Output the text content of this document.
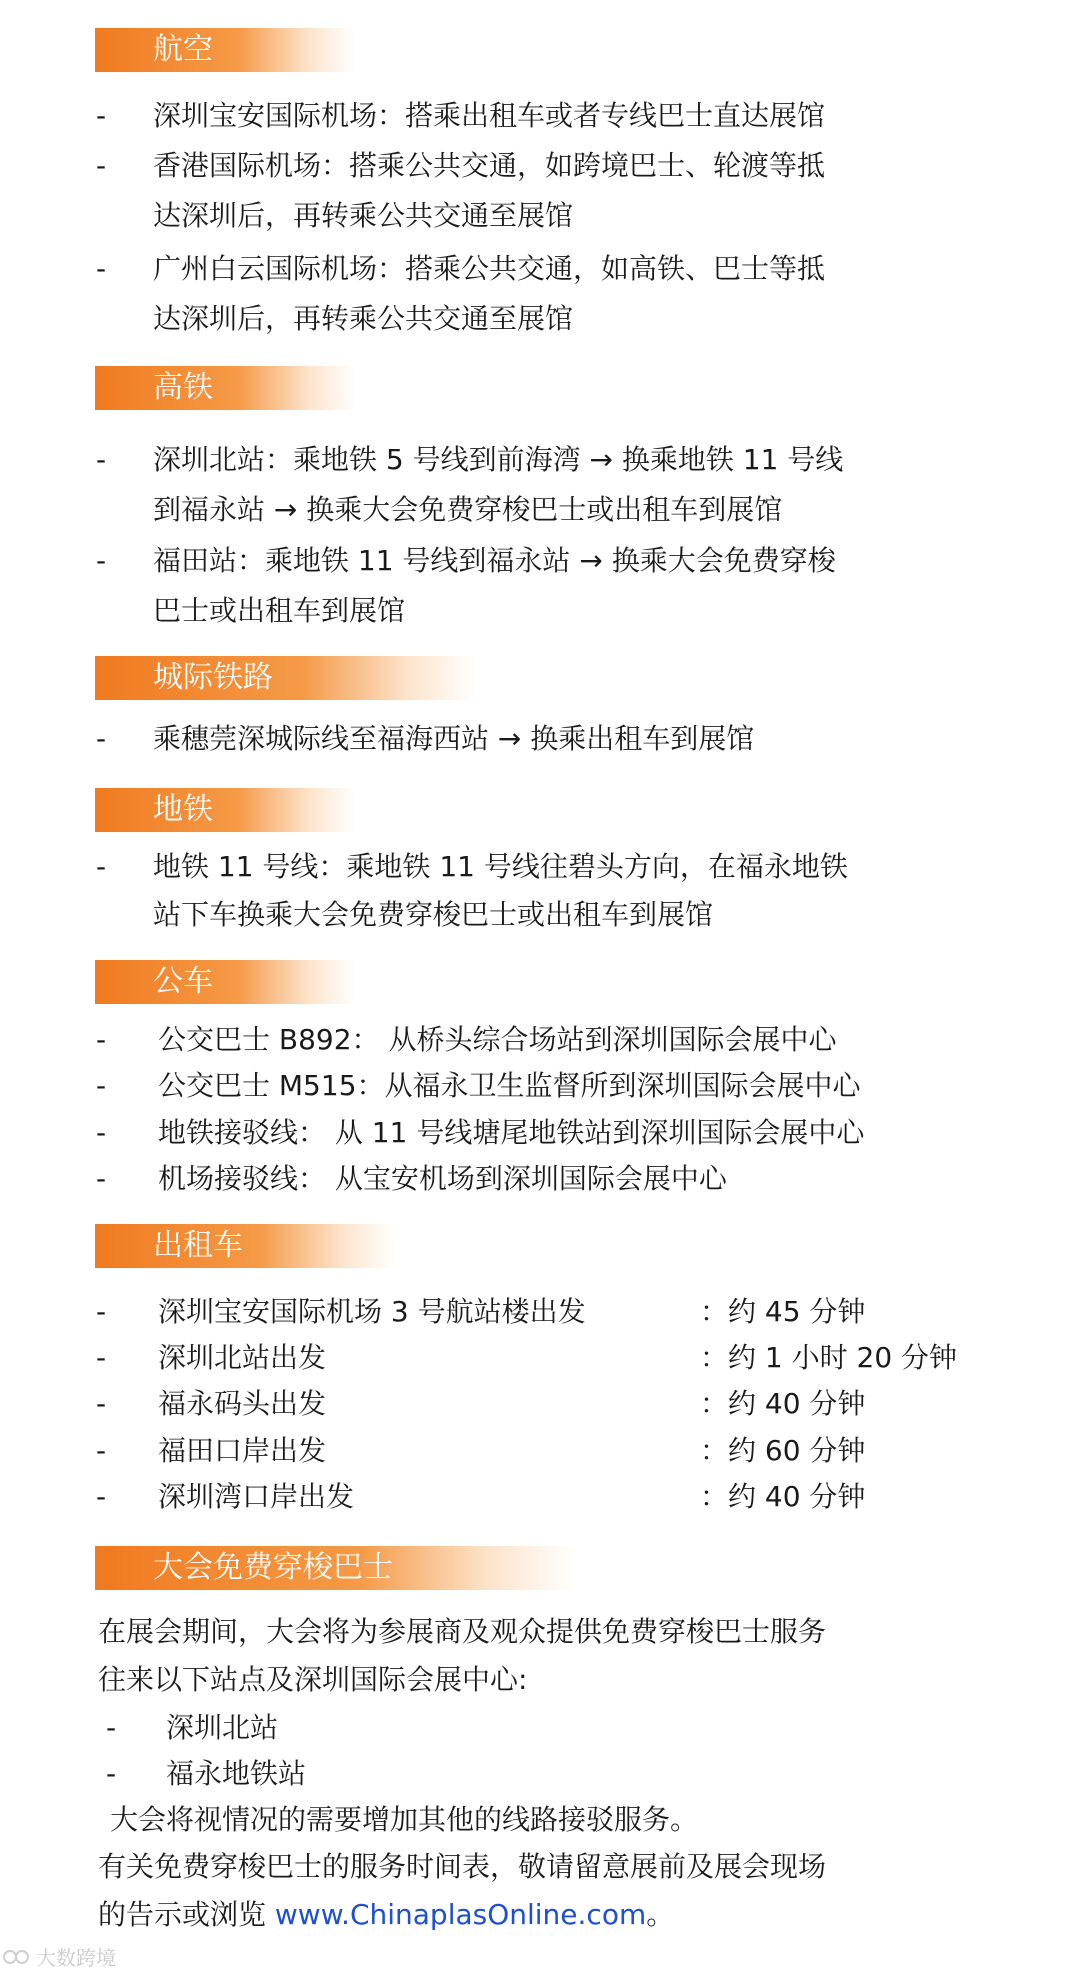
航空
- 深圳宝安国际机场：搭乘出租车或者专线巴士直达展馆
- 香港国际机场：搭乘公共交通，如跨境巴士、轮渡等抵
达深圳后，再转乘公共交通至展馆
- 广州白云国际机场：搭乘公共交通，如高铁、巴士等抵
达深圳后，再转乘公共交通至展馆
高铁
- 深圳北站：乘地铁 5 号线到前海湾 → 换乘地铁 11 号线
到福永站 → 换乘大会免费穿梭巴士或出租车到展馆
- 福田站：乘地铁 11 号线到福永站 → 换乘大会免费穿梭
巴士或出租车到展馆
城际铁路
- 乘穗莞深城际线至福海西站 → 换乘出租车到展馆
地铁
- 地铁 11 号线：乘地铁 11 号线往碧头方向，在福永地铁
站下车换乘大会免费穿梭巴士或出租车到展馆
公车
- 公交巴士 B892： 从桥头综合场站到深圳国际会展中心
- 公交巴士 M515：从福永卫生监督所到深圳国际会展中心
- 地铁接驳线： 从 11 号线塘尾地铁站到深圳国际会展中心
- 机场接驳线： 从宝安机场到深圳国际会展中心
出租车
- 深圳宝安国际机场 3 号航站楼出发	：约 45 分钟
- 深圳北站出发	：约 1 小时 20 分钟
- 福永码头出发	：约 40 分钟
- 福田口岸出发	：约 60 分钟
- 深圳湾口岸出发	：约 40 分钟
大会免费穿梭巴士
在展会期间，大会将为参展商及观众提供免费穿梭巴士服务
往来以下站点及深圳国际会展中心:
- 深圳北站
- 福永地铁站
大会将视情况的需要增加其他的线路接驳服务。
有关免费穿梭巴士的服务时间表，敬请留意展前及展会现场
的告示或浏览 www.ChinaplasOnline.com。
大数跨境
